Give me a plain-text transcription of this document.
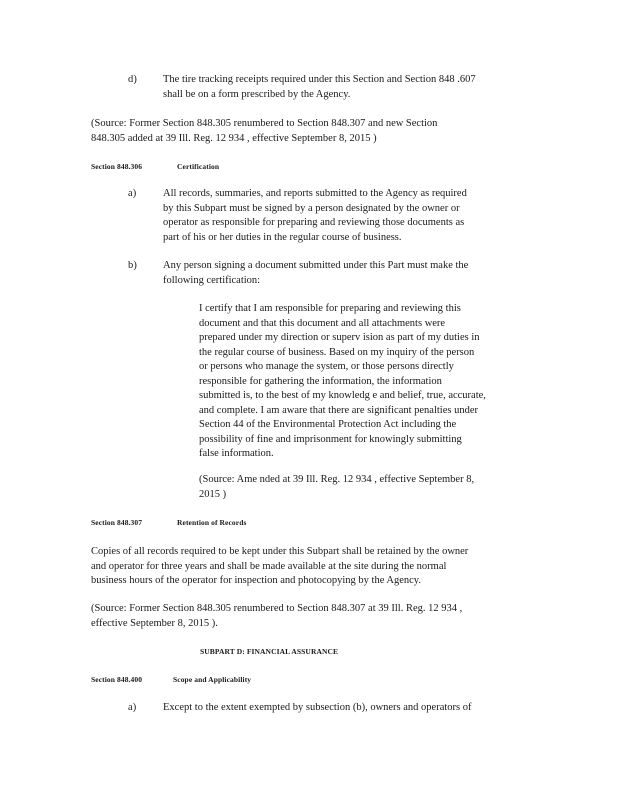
d) The tire tracking receipts required under this Section and Section 848 .607
shall be on a form prescribed by the Agency.
(Source: Former Section 848.305 renumbered to Section 848.307 and new Section
848.305 added at 39 Ill. Reg. 12 934 , effective September 8, 2015 )
Section 848.306	Certification
a)	All records, summaries, and reports submitted to the Agency as required
by this Subpart must be signed by a person designated by the owner or
operator as responsible for preparing and reviewing those documents as
part of his or her duties in the regular course of business.
b) Any person signing a document submitted under this Part must make the
following certification:
I certify that I am responsible for preparing and reviewing this
document and that this document and all attachments were
prepared under my direction or superv ision as part of my duties in
the regular course of business. Based on my inquiry of the person
or persons who manage the system, or those persons directly
responsible for gathering the information, the information
submitted is, to the best of my knowledg e and belief, true, accurate,
and complete. I am aware that there are significant penalties under
Section 44 of the Environmental Protection Act including the
possibility of fine and imprisonment for knowingly submitting
false information.
(Source: Ame nded at 39 Ill. Reg. 12 934 , effective September 8,
2015 )
Section 848.307	Retention of Records
Copies of all records required to be kept under this Subpart shall be retained by the owner
and operator for three years and shall be made available at the site during the normal
business hours of the operator for inspection and photocopying by the Agency.
(Source: Former Section 848.305 renumbered to Section 848.307 at 39 Ill. Reg. 12 934 ,
effective September 8, 2015 ).
SUBPART D: FINANCIAL ASSURANCE
Section 848.400	Scope and Applicability
a)	Except to the extent exempted by subsection (b), owners and operators of
